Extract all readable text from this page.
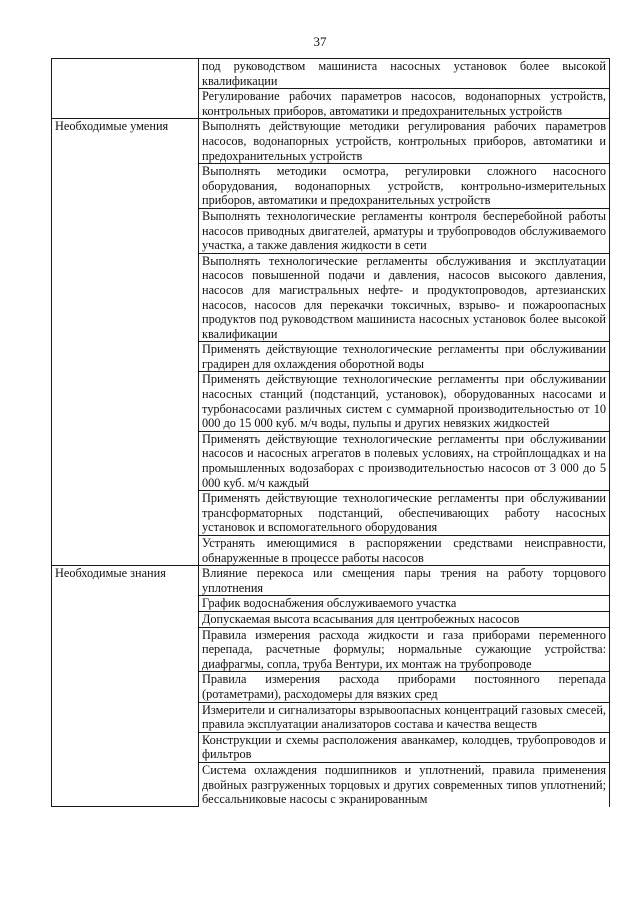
37
	под руководством машиниста насосных установок более высокой квалификации
	Регулирование рабочих параметров насосов, водонапорных устройств, контрольных приборов, автоматики и предохранительных устройств
Необходимые умения	Выполнять действующие методики регулирования рабочих параметров насосов, водонапорных устройств, контрольных приборов, автоматики и предохранительных устройств
	Выполнять методики осмотра, регулировки сложного насосного оборудования, водонапорных устройств, контрольно-измерительных приборов, автоматики и предохранительных устройств
	Выполнять технологические регламенты контроля бесперебойной работы насосов приводных двигателей, арматуры и трубопроводов обслуживаемого участка, а также давления жидкости в сети
	Выполнять технологические регламенты обслуживания и эксплуатации насосов повышенной подачи и давления, насосов высокого давления, насосов для магистральных нефте- и продуктопроводов, артезианских насосов, насосов для перекачки токсичных, взрыво- и пожароопасных продуктов под руководством машиниста насосных установок более высокой квалификации
	Применять действующие технологические регламенты при обслуживании градирен для охлаждения оборотной воды
	Применять действующие технологические регламенты при обслуживании насосных станций (подстанций, установок), оборудованных насосами и турбонасосами различных систем с суммарной производительностью от 10 000 до 15 000 куб. м/ч воды, пульпы и других невязких жидкостей
	Применять действующие технологические регламенты при обслуживании насосов и насосных агрегатов в полевых условиях, на стройплощадках и на промышленных водозаборах с производительностью насосов от 3 000 до 5 000 куб. м/ч каждый
	Применять действующие технологические регламенты при обслуживании трансформаторных подстанций, обеспечивающих работу насосных установок и вспомогательного оборудования
	Устранять имеющимися в распоряжении средствами неисправности, обнаруженные в процессе работы насосов
Необходимые знания	Влияние перекоса или смещения пары трения на работу торцового уплотнения
	График водоснабжения обслуживаемого участка
	Допускаемая высота всасывания для центробежных насосов
	Правила измерения расхода жидкости и газа приборами переменного перепада, расчетные формулы; нормальные сужающие устройства: диафрагмы, сопла, труба Вентури, их монтаж на трубопроводе
	Правила измерения расхода приборами постоянного перепада (ротаметрами), расходомеры для вязких сред
	Измерители и сигнализаторы взрывоопасных концентраций газовых смесей, правила эксплуатации анализаторов состава и качества веществ
	Конструкции и схемы расположения аванкамер, колодцев, трубопроводов и фильтров
	Система охлаждения подшипников и уплотнений, правила применения двойных разгруженных торцовых и других современных типов уплотнений; бессальниковые насосы с экранированным
